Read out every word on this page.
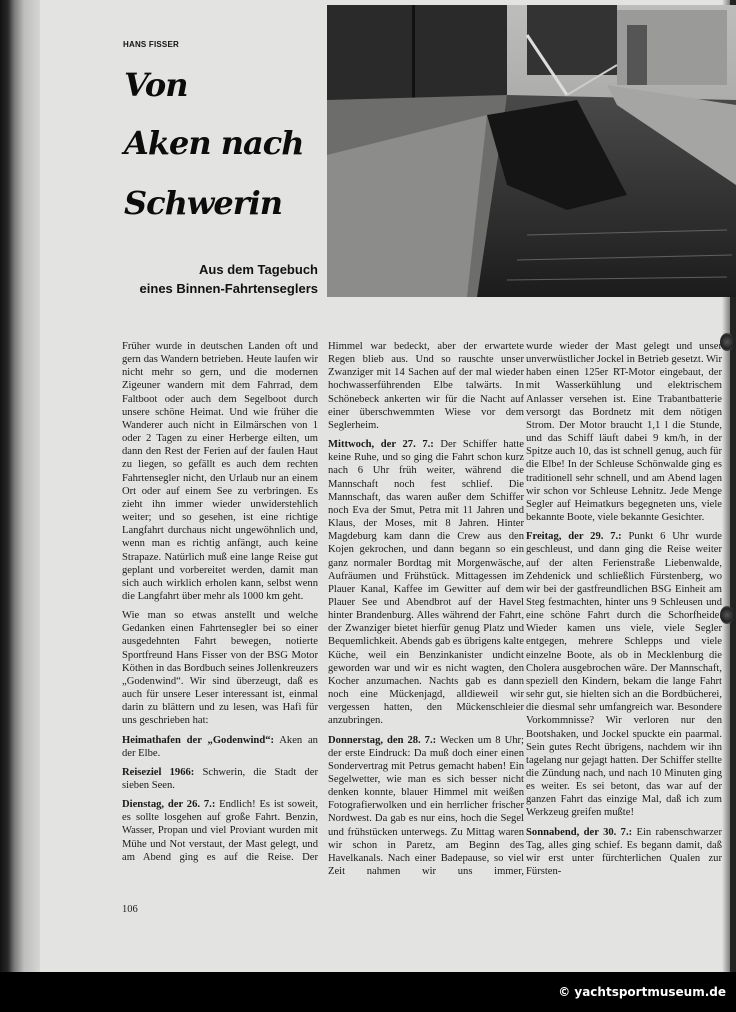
HANS FISSER
Von
Aken nach
Schwerin
Aus dem Tagebuch
eines Binnen-Fahrtenseglers

Früher wurde in deutschen Landen oft und gern das Wandern betrieben. Heute laufen wir nicht mehr so gern, und die modernen Zigeuner wandern mit dem Fahrrad, dem Faltboot oder auch dem Segelboot durch unsere schöne Heimat. Und wie früher die Wanderer auch nicht in Eilmärschen von 1 oder 2 Tagen zu einer Herberge eilten, um dann den Rest der Ferien auf der faulen Haut zu liegen, so gefällt es auch dem rechten Fahrtensegler nicht, den Urlaub nur an einem Ort oder auf einem See zu verbringen. Es zieht ihn immer wieder unwiderstehlich weiter; und so gesehen, ist eine richtige Langfahrt durchaus nicht ungewöhnlich und, wenn man es richtig anfängt, auch keine Strapaze. Natürlich muß eine lange Reise gut geplant und vorbereitet werden, damit man sich auch wirklich erholen kann, selbst wenn die Langfahrt über mehr als 1000 km geht.

Wie man so etwas anstellt und welche Gedanken einen Fahrtensegler bei so einer ausgedehnten Fahrt bewegen, notierte Sportfreund Hans Fisser von der BSG Motor Köthen in das Bordbuch seines Jollenkreuzers „Godenwind“. Wir sind überzeugt, daß es auch für unsere Leser interessant ist, einmal darin zu blättern und zu lesen, was Hafi für uns geschrieben hat:

Heimathafen der „Godenwind“: Aken an der Elbe.

Reiseziel 1966: Schwerin, die Stadt der sieben Seen.

Dienstag, der 26. 7.: Endlich! Es ist soweit, es sollte losgehen auf große Fahrt. Benzin, Wasser, Propan und viel Proviant wurden mit Mühe und Not verstaut, der Mast gelegt, und am Abend ging es auf die Reise. Der

Himmel war bedeckt, aber der erwartete Regen blieb aus. Und so rauschte unser Zwanziger mit 14 Sachen auf der mal wieder hochwasserführenden Elbe talwärts. In Schönebeck ankerten wir für die Nacht auf einer überschwemmten Wiese vor dem Seglerheim.

Mittwoch, der 27. 7.: Der Schiffer hatte keine Ruhe, und so ging die Fahrt schon kurz nach 6 Uhr früh weiter, während die Mannschaft noch fest schlief. Die Mannschaft, das waren außer dem Schiffer noch Eva der Smut, Petra mit 11 Jahren und Klaus, der Moses, mit 8 Jahren. Hinter Magdeburg kam dann die Crew aus den Kojen gekrochen, und dann begann so ein ganz normaler Bordtag mit Morgenwäsche, Aufräumen und Frühstück. Mittagessen im Plauer Kanal, Kaffee im Gewitter auf dem Plauer See und Abendbrot auf der Havel hinter Brandenburg. Alles während der Fahrt, der Zwanziger bietet hierfür genug Platz und Bequemlichkeit. Abends gab es übrigens kalte Küche, weil ein Benzinkanister undicht geworden war und wir es nicht wagten, den Kocher anzumachen. Nachts gab es dann noch eine Mückenjagd, alldieweil wir vergessen hatten, den Mückenschleier anzubringen.

Donnerstag, den 28. 7.: Wecken um 8 Uhr; der erste Eindruck: Da muß doch einer einen Sondervertrag mit Petrus gemacht haben! Ein Segelwetter, wie man es sich besser nicht denken konnte, blauer Himmel mit weißen Fotografierwolken und ein herrlicher frischer Nordwest. Da gab es nur eins, hoch die Segel und frühstücken unterwegs. Zu Mittag waren wir schon in Paretz, am Beginn des Havelkanals. Nach einer Badepause, so viel Zeit nahmen wir uns immer,

wurde wieder der Mast gelegt und unser unverwüstlicher Jockel in Betrieb gesetzt. Wir haben einen 125er RT-Motor eingebaut, der mit Wasserkühlung und elektrischem Anlasser versehen ist. Eine Trabantbatterie versorgt das Bordnetz mit dem nötigen Strom. Der Motor braucht 1,1 l die Stunde, und das Schiff läuft dabei 9 km/h, in der Spitze auch 10, das ist schnell genug, auch für die Elbe! In der Schleuse Schönwalde ging es traditionell sehr schnell, und am Abend lagen wir schon vor Schleuse Lehnitz. Jede Menge Segler auf Heimatkurs begegneten uns, viele bekannte Boote, viele bekannte Gesichter.

Freitag, der 29. 7.: Punkt 6 Uhr wurde geschleust, und dann ging die Reise weiter auf der alten Ferienstraße Liebenwalde, Zehdenick und schließlich Fürstenberg, wo wir bei der gastfreundlichen BSG Einheit am Steg festmachten, hinter uns 9 Schleusen und eine schöne Fahrt durch die Schorfheide. Wieder kamen uns viele, viele Segler entgegen, mehrere Schlepps und viele einzelne Boote, als ob in Mecklenburg die Cholera ausgebrochen wäre. Der Mannschaft, speziell den Kindern, bekam die lange Fahrt sehr gut, sie hielten sich an die Bordbücherei, die diesmal sehr umfangreich war. Besondere Vorkommnisse? Wir verloren nur den Bootshaken, und Jockel spuckte ein paarmal. Sein gutes Recht übrigens, nachdem wir ihn tagelang nur gejagt hatten. Der Schiffer stellte die Zündung nach, und nach 10 Minuten ging es weiter. Es sei betont, das war auf der ganzen Fahrt das einzige Mal, daß ich zum Werkzeug greifen mußte!

Sonnabend, der 30. 7.: Ein rabenschwarzer Tag, alles ging schief. Es begann damit, daß wir erst unter fürchterlichen Qualen zur Fürsten-

106
© yachtsportmuseum.de
